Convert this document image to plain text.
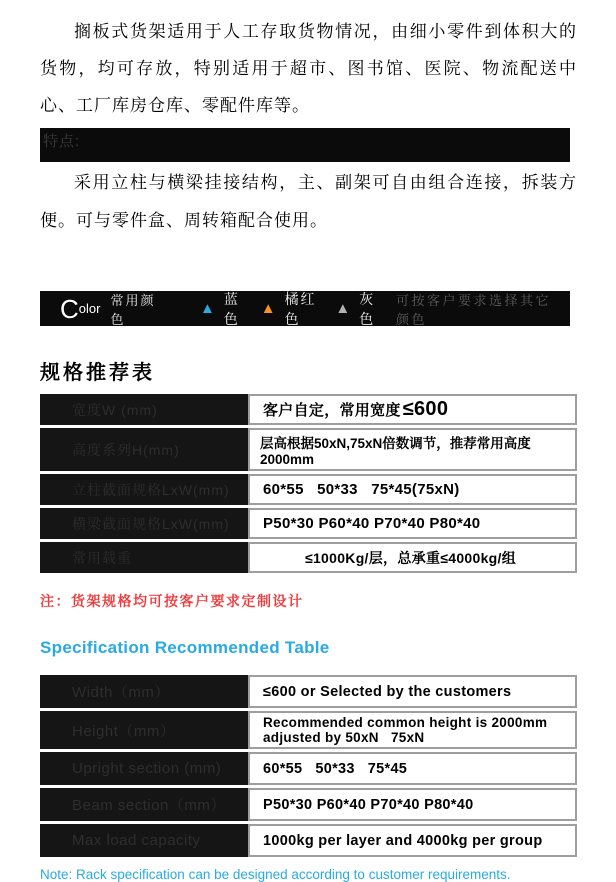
搁板式货架适用于人工存取货物情况，由细小零件到体积大的货物，均可存放，特别适用于超市、图书馆、医院、物流配送中心、工厂库房仓库、零配件库等。

特点:

采用立柱与横梁挂接结构，主、副架可自由组合连接，拆装方便。可与零件盒、周转箱配合使用。

C olor
常用颜色
▲
蓝色
▲
橘红色
▲
灰色
可按客户要求选择其它颜色
规格推荐表
宽度W (mm)	客户自定，常用宽度 ≤600
高度系列H(mm)	层高根据50xN,75xN倍数调节，推荐常用高度2000mm
立柱截面规格LxW(mm)	60*55   50*33   75*45(75xN)
横梁截面规格LxW(mm)	P50*30 P60*40 P70*40 P80*40
常用载重	≤1000Kg/层，总承重≤4000kg/组
注：货架规格均可按客户要求定制设计
Specification Recommended Table
Width（mm）	≤600 or Selected by the customers
Height（mm）	Recommended common height is 2000mm
adjusted by 50xN   75xN
Upright section (mm)	60*55   50*33   75*45
Beam section（mm）	P50*30 P60*40 P70*40 P80*40
Max load capacity	1000kg per layer and 4000kg per group
Note: Rack specification can be designed according to customer requirements.
